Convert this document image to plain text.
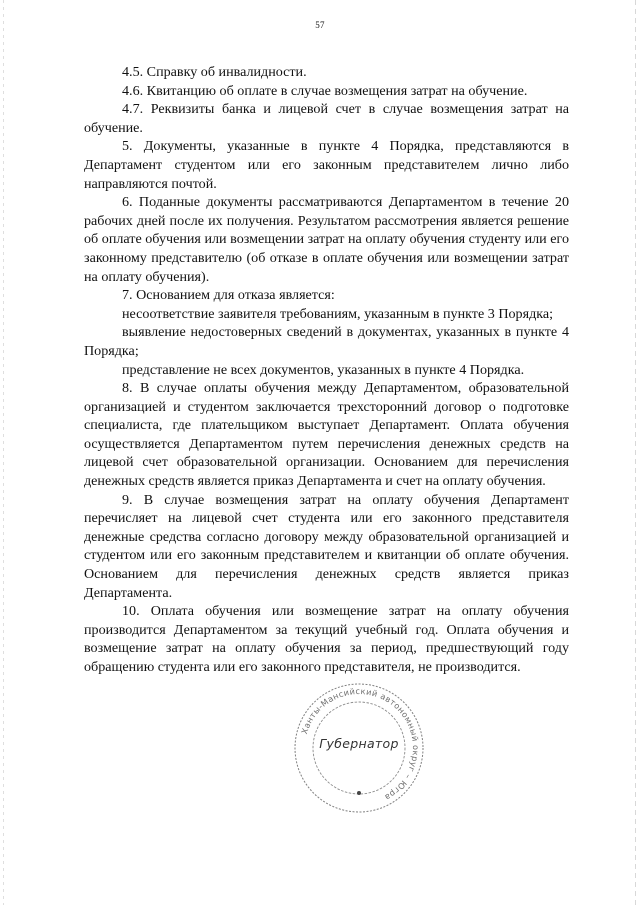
57

4.5. Справку об инвалидности.

4.6. Квитанцию об оплате в случае возмещения затрат на обучение.

4.7. Реквизиты банка и лицевой счет в случае возмещения затрат на обучение.

5. Документы, указанные в пункте 4 Порядка, представляются в Департамент студентом или его законным представителем лично либо направляются почтой.

6. Поданные документы рассматриваются Департаментом в течение 20 рабочих дней после их получения. Результатом рассмотрения является решение об оплате обучения или возмещении затрат на оплату обучения студенту или его законному представителю (об отказе в оплате обучения или возмещении затрат на оплату обучения).

7. Основанием для отказа является:

несоответствие заявителя требованиям, указанным в пункте 3 Порядка;

выявление недостоверных сведений в документах, указанных в пункте 4 Порядка;

представление не всех документов, указанных в пункте 4 Порядка.

8. В случае оплаты обучения между Департаментом, образовательной организацией и студентом заключается трехсторонний договор о подготовке специалиста, где плательщиком выступает Департамент. Оплата обучения осуществляется Департаментом путем перечисления денежных средств на лицевой счет образовательной организации. Основанием для перечисления денежных средств является приказ Департамента и счет на оплату обучения.

9. В случае возмещения затрат на оплату обучения Департамент перечисляет на лицевой счет студента или его законного представителя денежные средства согласно договору между образовательной организацией и студентом или его законным представителем и квитанции об оплате обучения. Основанием для перечисления денежных средств является приказ Департамента.

10. Оплата обучения или возмещение затрат на оплату обучения производится Департаментом за текущий учебный год. Оплата обучения и возмещение затрат на оплату обучения за период, предшествующий году обращению студента или его законного представителя, не производится.

Ханты-Мансийский автономный округ – Югра
Губернатор
